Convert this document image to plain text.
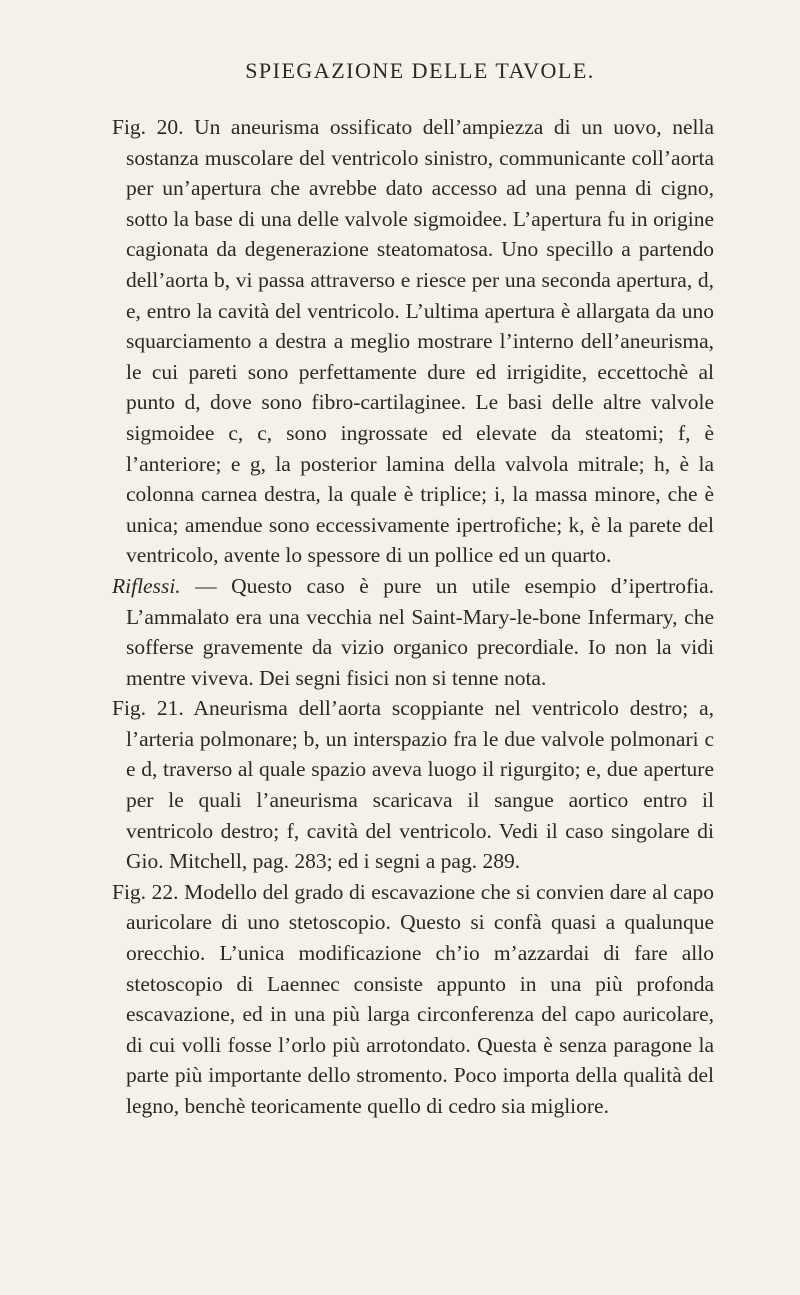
SPIEGAZIONE DELLE TAVOLE.

Fig. 20. Un aneurisma ossificato dell’ampiezza di un uovo, nella sostanza muscolare del ventricolo sinistro, communicante coll’aorta per un’apertura che avrebbe dato accesso ad una penna di cigno, sotto la base di una delle valvole sigmoidee. L’apertura fu in origine cagionata da degenerazione steatomatosa. Uno specillo a partendo dell’aorta b, vi passa attraverso e riesce per una seconda apertura, d, e, entro la cavità del ventricolo. L’ultima apertura è allargata da uno squarciamento a destra a meglio mostrare l’interno dell’aneurisma, le cui pareti sono perfettamente dure ed irrigidite, eccettochè al punto d, dove sono fibro-cartilaginee. Le basi delle altre valvole sigmoidee c, c, sono ingrossate ed elevate da steatomi; f, è l’anteriore; e g, la posterior lamina della valvola mitrale; h, è la colonna carnea destra, la quale è triplice; i, la massa minore, che è unica; amendue sono eccessivamente ipertrofiche; k, è la parete del ventricolo, avente lo spessore di un pollice ed un quarto.

Riflessi. — Questo caso è pure un utile esempio d’ipertrofia. L’ammalato era una vecchia nel Saint-Mary-le-bone Infermary, che sofferse gravemente da vizio organico precordiale. Io non la vidi mentre viveva. Dei segni fisici non si tenne nota.

Fig. 21. Aneurisma dell’aorta scoppiante nel ventricolo destro; a, l’arteria polmonare; b, un interspazio fra le due valvole polmonari c e d, traverso al quale spazio aveva luogo il rigurgito; e, due aperture per le quali l’aneurisma scaricava il sangue aortico entro il ventricolo destro; f, cavità del ventricolo. Vedi il caso singolare di Gio. Mitchell, pag. 283; ed i segni a pag. 289.

Fig. 22. Modello del grado di escavazione che si convien dare al capo auricolare di uno stetoscopio. Questo si confà quasi a qualunque orecchio. L’unica modificazione ch’io m’azzardai di fare allo stetoscopio di Laennec consiste appunto in una più profonda escavazione, ed in una più larga circonferenza del capo auricolare, di cui volli fosse l’orlo più arrotondato. Questa è senza paragone la parte più importante dello stromento. Poco importa della qualità del legno, benchè teoricamente quello di cedro sia migliore.
